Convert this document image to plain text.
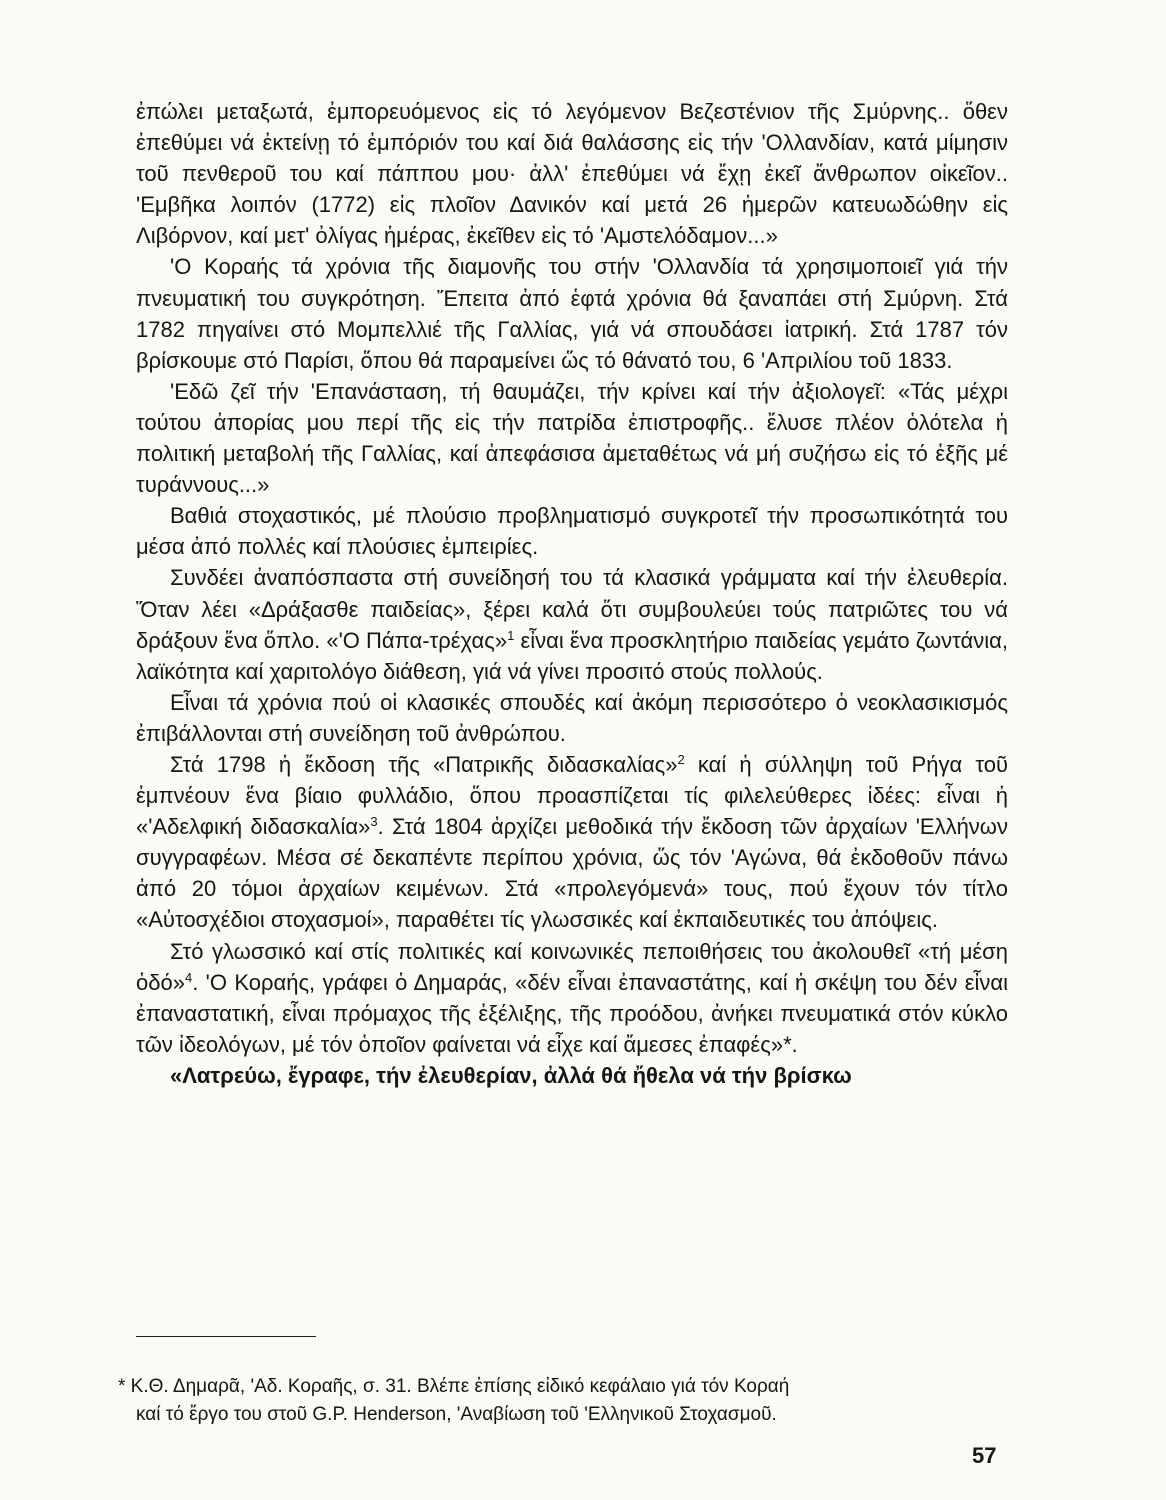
ἐπώλει μεταξωτά, ἐμπορευόμενος εἰς τό λεγόμενον Βεζεστένιον τῆς Σμύρνης.. ὅθεν ἐπεθύμει νά ἐκτείνῃ τό ἐμπόριόν του καί διά θαλάσσης εἰς τήν 'Ολλανδίαν, κατά μίμησιν τοῦ πενθεροῦ του καί πάππου μου· ἀλλ' ἐπεθύμει νά ἔχῃ ἐκεῖ ἄνθρωπον οἰκεῖον.. 'Εμβῆκα λοιπόν (1772) εἰς πλοῖον Δανικόν καί μετά 26 ἡμερῶν κατευωδώθην εἰς Λιβόρνον, καί μετ' ὀλίγας ἡμέρας, ἐκεῖθεν εἰς τό 'Αμστελόδαμον...»

'Ο Κοραής τά χρόνια τῆς διαμονῆς του στήν 'Ολλανδία τά χρησιμοποιεῖ γιά τήν πνευματική του συγκρότηση. Ἔπειτα ἀπό ἑφτά χρόνια θά ξαναπάει στή Σμύρνη. Στά 1782 πηγαίνει στό Μομπελλιέ τῆς Γαλλίας, γιά νά σπουδάσει ἰατρική. Στά 1787 τόν βρίσκουμε στό Παρίσι, ὅπου θά παραμείνει ὥς τό θάνατό του, 6 'Απριλίου τοῦ 1833.

'Εδῶ ζεῖ τήν 'Επανάσταση, τή θαυμάζει, τήν κρίνει καί τήν ἀξιολογεῖ: «Τάς μέχρι τούτου ἀπορίας μου περί τῆς εἰς τήν πατρίδα ἐπιστροφῆς.. ἔλυσε πλέον ὁλότελα ἡ πολιτική μεταβολή τῆς Γαλλίας, καί ἀπεφάσισα ἀμεταθέτως νά μή συζήσω εἰς τό ἑξῆς μέ τυράννους...»

Βαθιά στοχαστικός, μέ πλούσιο προβληματισμό συγκροτεῖ τήν προσωπικότητά του μέσα ἀπό πολλές καί πλούσιες ἐμπειρίες.

Συνδέει ἀναπόσπαστα στή συνείδησή του τά κλασικά γράμματα καί τήν ἐλευθερία. Ὅταν λέει «Δράξασθε παιδείας», ξέρει καλά ὅτι συμβουλεύει τούς πατριῶτες του νά δράξουν ἕνα ὅπλο. «'Ο Πάπα-τρέχας»$^1$ εἶναι ἕνα προσκλητήριο παιδείας γεμάτο ζωντάνια, λαϊκότητα καί χαριτολόγο διάθεση, γιά νά γίνει προσιτό στούς πολλούς.

Εἶναι τά χρόνια πού οἱ κλασικές σπουδές καί ἀκόμη περισσότερο ὁ νεοκλασικισμός ἐπιβάλλονται στή συνείδηση τοῦ ἀνθρώπου.

Στά 1798 ἡ ἔκδοση τῆς «Πατρικῆς διδασκαλίας»$^2$ καί ἡ σύλληψη τοῦ Ρήγα τοῦ ἐμπνέουν ἕνα βίαιο φυλλάδιο, ὅπου προασπίζεται τίς φιλελεύθερες ἰδέες: εἶναι ἡ «'Αδελφική διδασκαλία»$^3$. Στά 1804 ἀρχίζει μεθοδικά τήν ἔκδοση τῶν ἀρχαίων 'Ελλήνων συγγραφέων. Μέσα σέ δεκαπέντε περίπου χρόνια, ὥς τόν 'Αγώνα, θά ἐκδοθοῦν πάνω ἀπό 20 τόμοι ἀρχαίων κειμένων. Στά «προλεγόμενά» τους, πού ἔχουν τόν τίτλο «Αὐτοσχέδιοι στοχασμοί», παραθέτει τίς γλωσσικές καί ἐκπαιδευτικές του ἀπόψεις.

Στό γλωσσικό καί στίς πολιτικές καί κοινωνικές πεποιθήσεις του ἀκολουθεῖ «τή μέση ὁδό»$^4$. 'Ο Κοραής, γράφει ὁ Δημαράς, «δέν εἶναι ἐπαναστάτης, καί ἡ σκέψη του δέν εἶναι ἐπαναστατική, εἶναι πρόμαχος τῆς ἐξέλιξης, τῆς προόδου, ἀνήκει πνευματικά στόν κύκλο τῶν ἰδεολόγων, μέ τόν ὁποῖον φαίνεται νά εἶχε καί ἄμεσες ἐπαφές»*.

«Λατρεύω, ἔγραφε, τήν ἐλευθερίαν, ἀλλά θά ἤθελα νά τήν βρίσκω

* Κ.Θ. Δημαρᾶ, 'Αδ. Κοραῆς, σ. 31. Βλέπε ἐπίσης εἰδικό κεφάλαιο γιά τόν Κοραή

καί τό ἔργο του στοῦ G.P. Henderson, 'Αναβίωση τοῦ 'Ελληνικοῦ Στοχασμοῦ.

57
